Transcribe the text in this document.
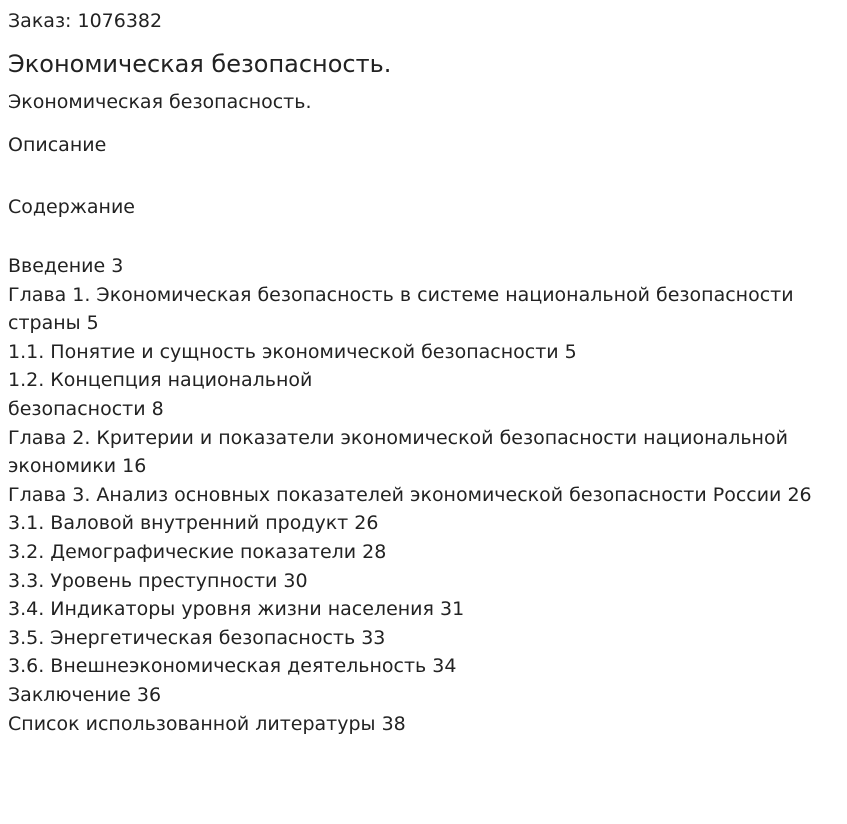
Заказ: 1076382

Экономическая безопасность.

Экономическая безопасность.

Описание

Содержание

Введение 3
Глава 1. Экономическая безопасность в системе национальной безопасности
страны 5
1.1. Понятие и сущность экономической безопасности 5
1.2. Концепция национальной
безопасности 8
Глава 2. Критерии и показатели экономической безопасности национальной
экономики 16
Глава 3. Анализ основных показателей экономической безопасности России 26
3.1. Валовой внутренний продукт 26
3.2. Демографические показатели 28
3.3. Уровень преступности 30
3.4. Индикаторы уровня жизни населения 31
3.5. Энергетическая безопасность 33
3.6. Внешнеэкономическая деятельность 34
Заключение 36
Список использованной литературы 38
